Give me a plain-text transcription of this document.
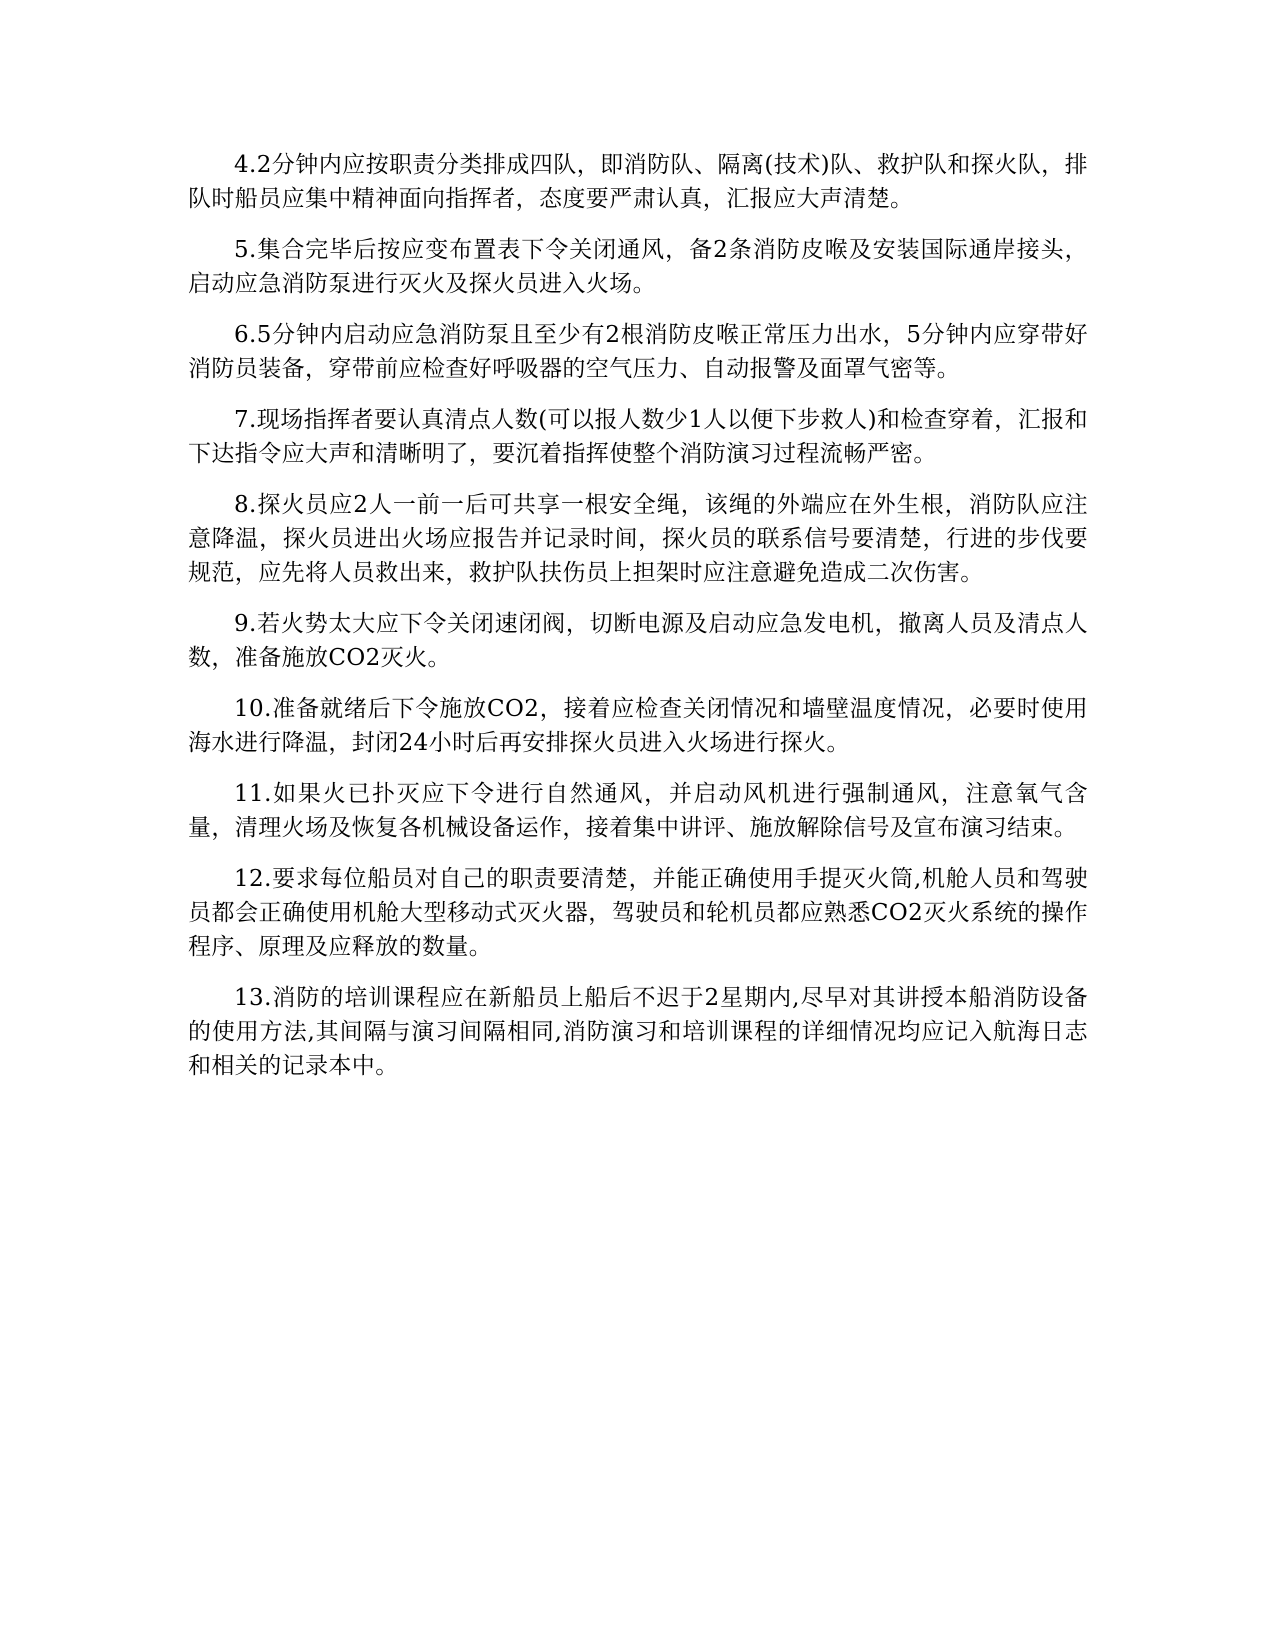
4.2分钟内应按职责分类排成四队，即消防队、隔离(技术)队、救护队和探火队，排队时船员应集中精神面向指挥者，态度要严肃认真，汇报应大声清楚。

5.集合完毕后按应变布置表下令关闭通风，备2条消防皮喉及安装国际通岸接头，启动应急消防泵进行灭火及探火员进入火场。

6.5分钟内启动应急消防泵且至少有2根消防皮喉正常压力出水，5分钟内应穿带好消防员装备，穿带前应检查好呼吸器的空气压力、自动报警及面罩气密等。

7.现场指挥者要认真清点人数(可以报人数少1人以便下步救人)和检查穿着，汇报和下达指令应大声和清晰明了，要沉着指挥使整个消防演习过程流畅严密。

8.探火员应2人一前一后可共享一根安全绳，该绳的外端应在外生根，消防队应注意降温，探火员进出火场应报告并记录时间，探火员的联系信号要清楚，行进的步伐要规范，应先将人员救出来，救护队扶伤员上担架时应注意避免造成二次伤害。

9.若火势太大应下令关闭速闭阀，切断电源及启动应急发电机，撤离人员及清点人数，准备施放CO2灭火。

10.准备就绪后下令施放CO2，接着应检查关闭情况和墙壁温度情况，必要时使用海水进行降温，封闭24小时后再安排探火员进入火场进行探火。

11.如果火已扑灭应下令进行自然通风，并启动风机进行强制通风，注意氧气含量，清理火场及恢复各机械设备运作，接着集中讲评、施放解除信号及宣布演习结束。

12.要求每位船员对自己的职责要清楚，并能正确使用手提灭火筒,机舱人员和驾驶员都会正确使用机舱大型移动式灭火器，驾驶员和轮机员都应熟悉CO2灭火系统的操作程序、原理及应释放的数量。

13.消防的培训课程应在新船员上船后不迟于2星期内,尽早对其讲授本船消防设备的使用方法,其间隔与演习间隔相同,消防演习和培训课程的详细情况均应记入航海日志和相关的记录本中。
